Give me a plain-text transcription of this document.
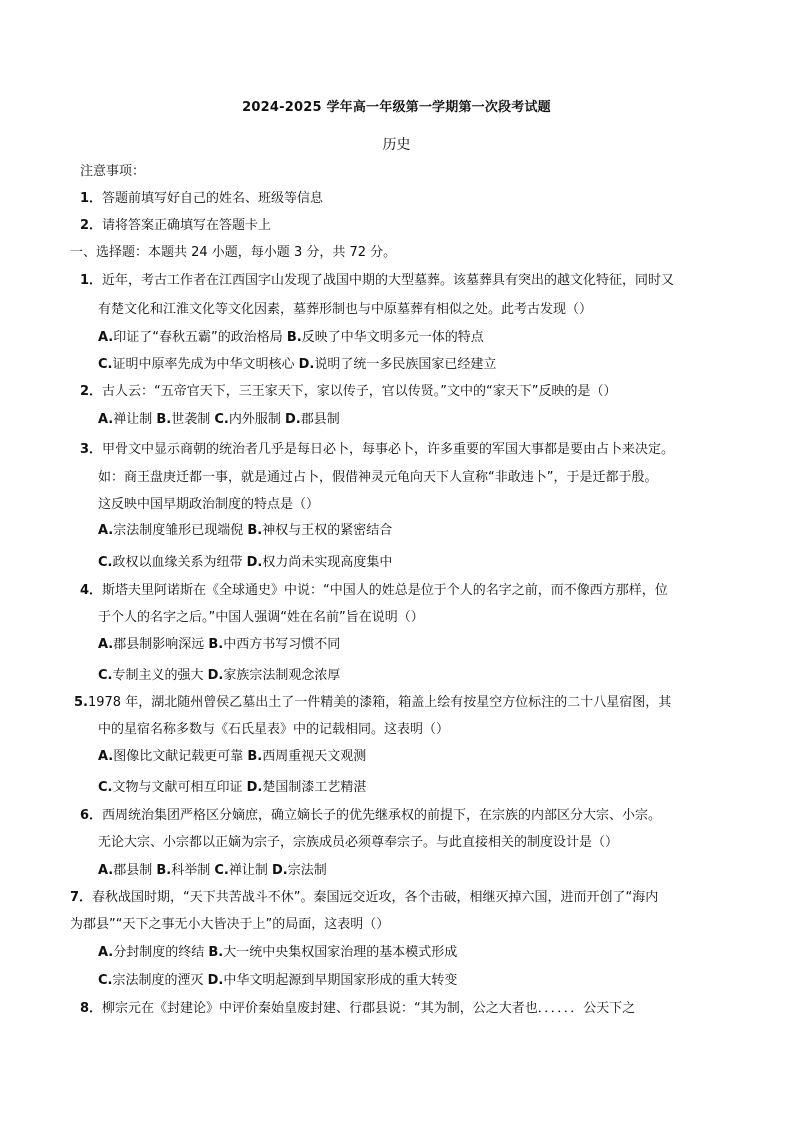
2024-2025 学年高一年级第一学期第一次段考试题
历史
注意事项：
1．答题前填写好自己的姓名、班级等信息
2．请将答案正确填写在答题卡上
一、选择题：本题共 24 小题，每小题 3 分，共 72 分。
1．近年，考古工作者在江西国字山发现了战国中期的大型墓葬。该墓葬具有突出的越文化特征，同时又
有楚文化和江淮文化等文化因素，墓葬形制也与中原墓葬有相似之处。此考古发现（）
A.印证了“春秋五霸”的政治格局 B.反映了中华文明多元一体的特点
C.证明中原率先成为中华文明核心 D.说明了统一多民族国家已经建立
2．古人云：“五帝官天下，三王家天下，家以传子，官以传贤。”文中的“家天下”反映的是（）
A.禅让制 B.世袭制 C.内外服制 D.郡县制
3．甲骨文中显示商朝的统治者几乎是每日必卜，每事必卜，许多重要的军国大事都是要由占卜来决定。
如：商王盘庚迁都一事，就是通过占卜，假借神灵元龟向天下人宣称“非敢违卜”，于是迁都于殷。
这反映中国早期政治制度的特点是（）
A.宗法制度雏形已现端倪 B.神权与王权的紧密结合
C.政权以血缘关系为纽带 D.权力尚未实现高度集中
4．斯塔夫里阿诺斯在《全球通史》中说：“中国人的姓总是位于个人的名字之前，而不像西方那样，位
于个人的名字之后。”中国人强调“姓在名前”旨在说明（）
A.郡县制影响深远 B.中西方书写习惯不同
C.专制主义的强大 D.家族宗法制观念浓厚
5.1978 年，湖北随州曾侯乙墓出土了一件精美的漆箱，箱盖上绘有按星空方位标注的二十八星宿图，其
中的星宿名称多数与《石氏星表》中的记载相同。这表明（）
A.图像比文献记载更可靠 B.西周重视天文观测
C.文物与文献可相互印证 D.楚国制漆工艺精湛
6．西周统治集团严格区分嫡庶，确立嫡长子的优先继承权的前提下，在宗族的内部区分大宗、小宗。
无论大宗、小宗都以正嫡为宗子，宗族成员必须尊奉宗子。与此直接相关的制度设计是（）
A.郡县制 B.科举制 C.禅让制 D.宗法制
7．春秋战国时期，“天下共苦战斗不休”。秦国远交近攻，各个击破，相继灭掉六国，进而开创了“海内
为郡县”“天下之事无小大皆决于上”的局面，这表明（）
A.分封制度的终结 B.大一统中央集权国家治理的基本模式形成
C.宗法制度的湮灭 D.中华文明起源到早期国家形成的重大转变
8．柳宗元在《封建论》中评价秦始皇废封建、行郡县说：“其为制，公之大者也．．．．．．公天下之
